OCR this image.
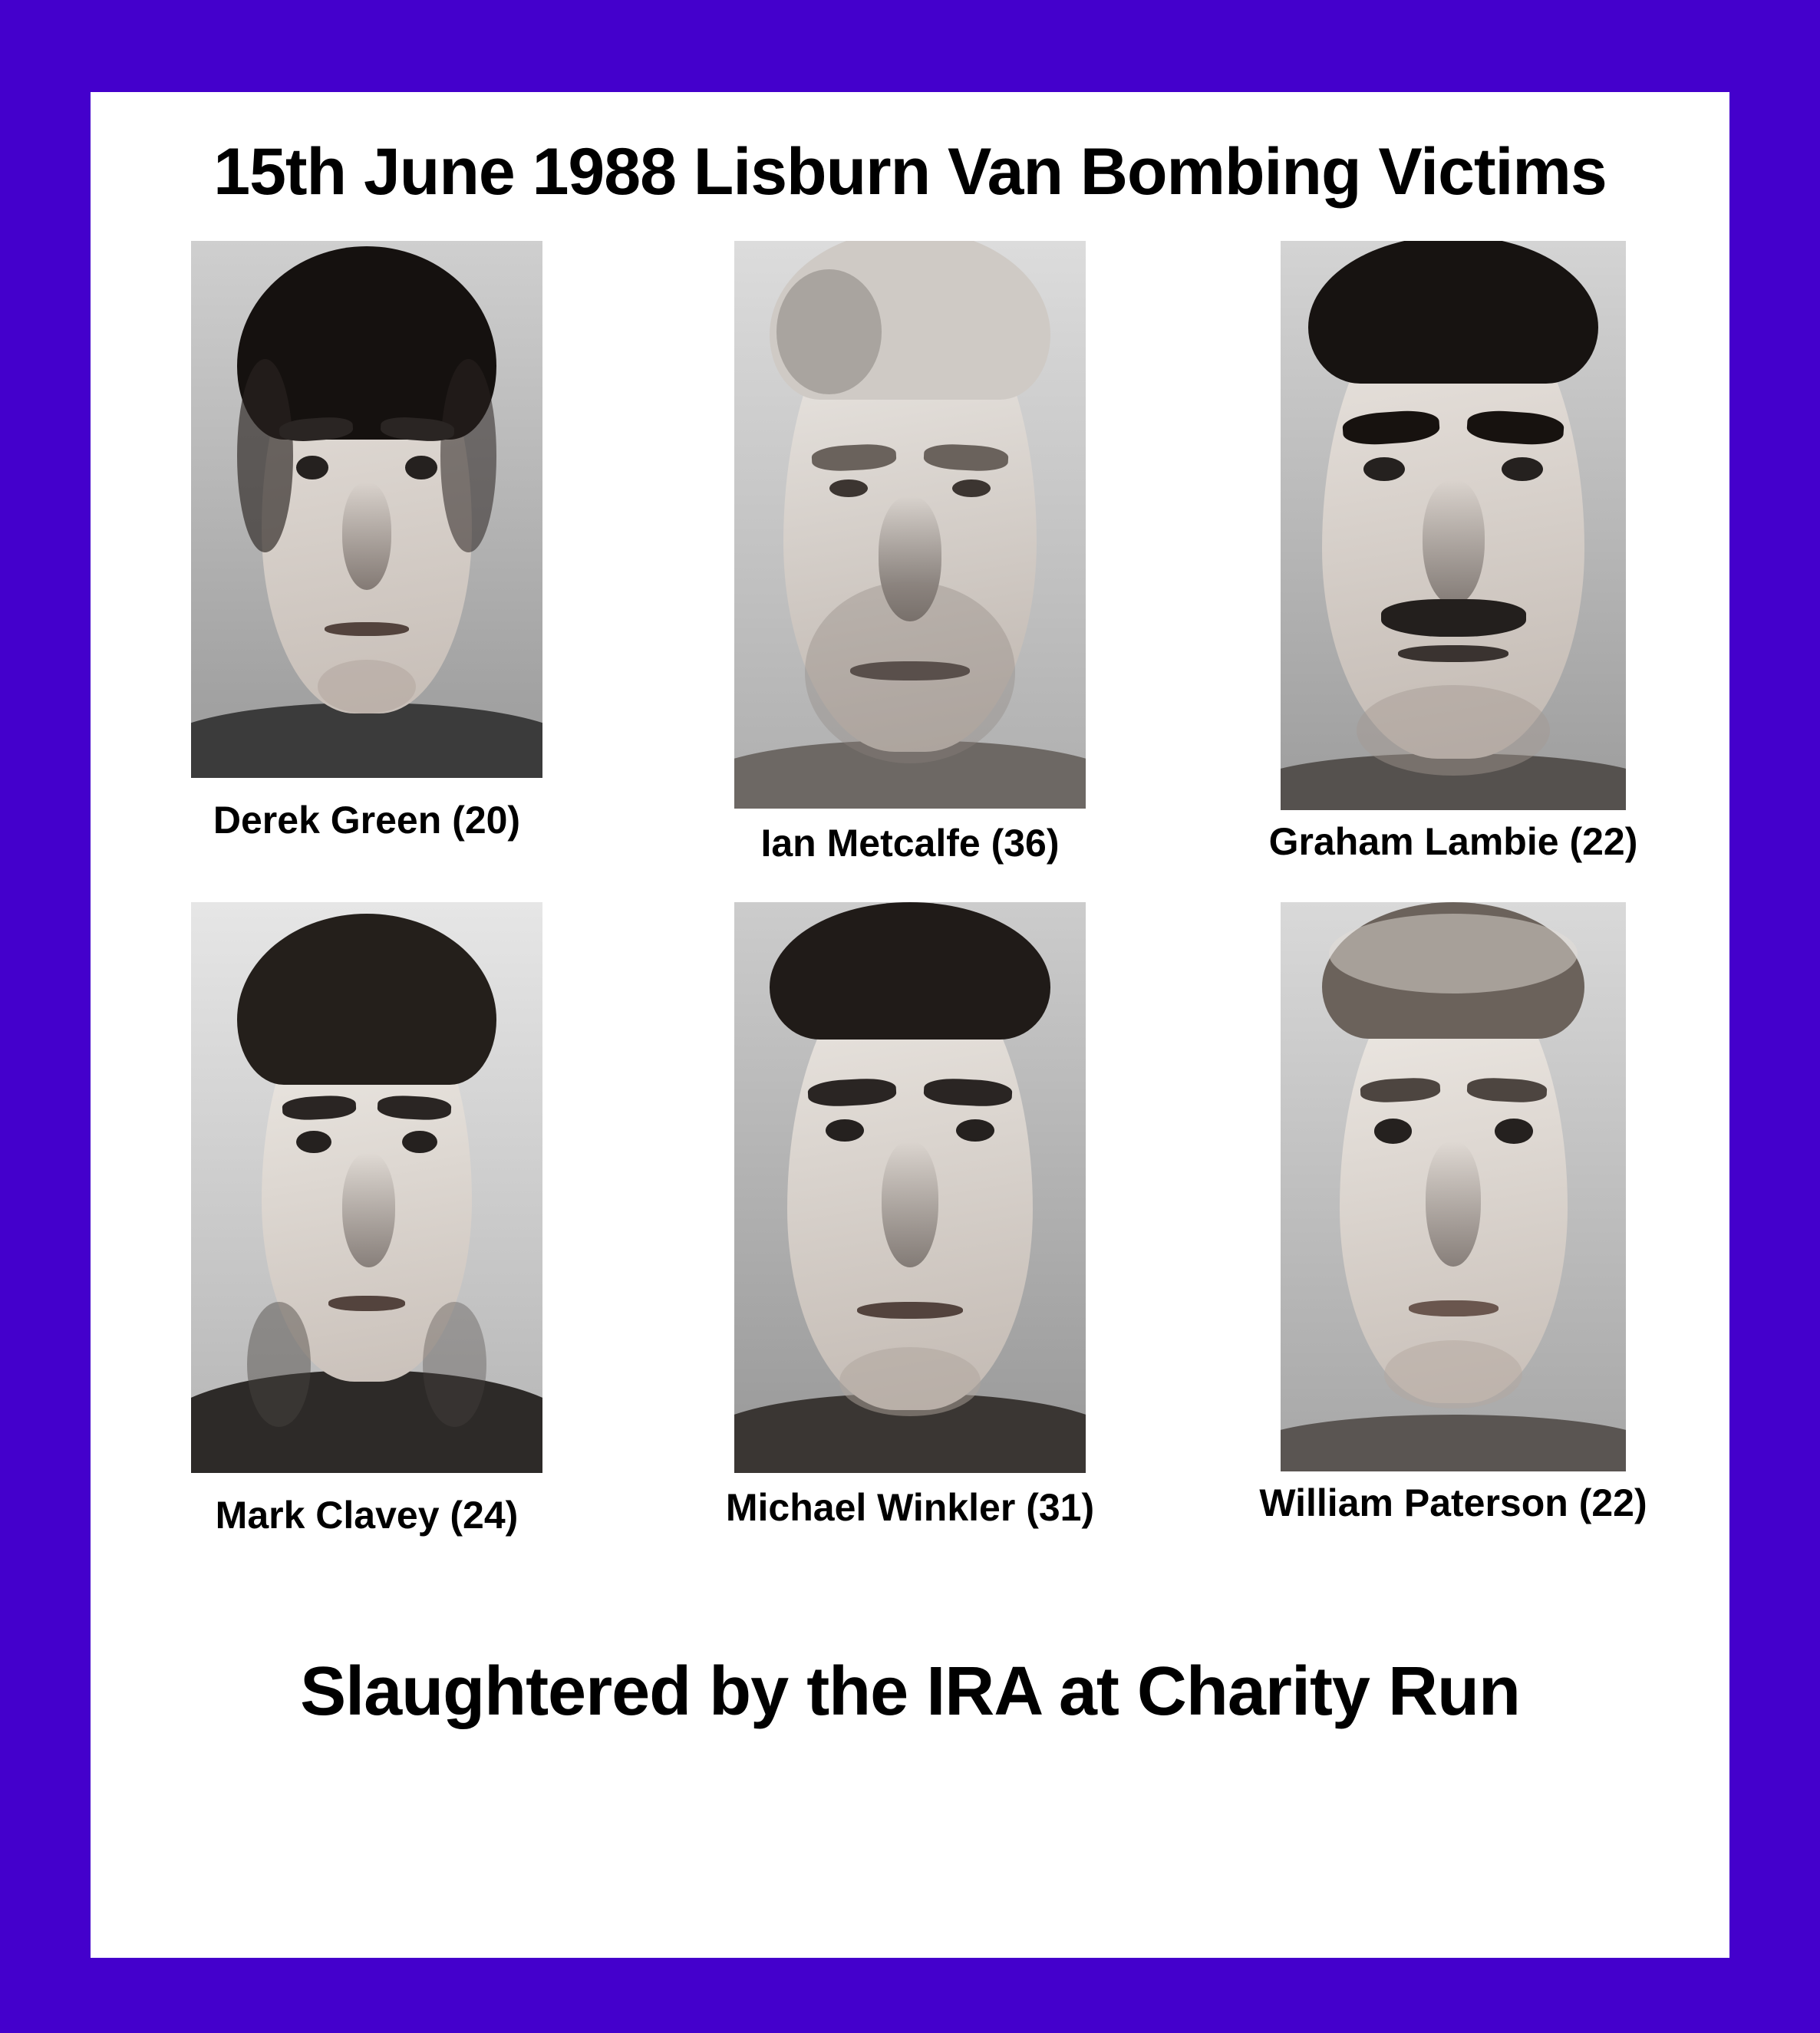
15th June 1988 Lisburn Van Bombing Victims
Derek Green (20)
Ian Metcalfe (36)	Graham Lambie (22)
Mark Clavey (24)	Michael Winkler (31)	William Paterson (22)
Slaughtered by the IRA at Charity Run
